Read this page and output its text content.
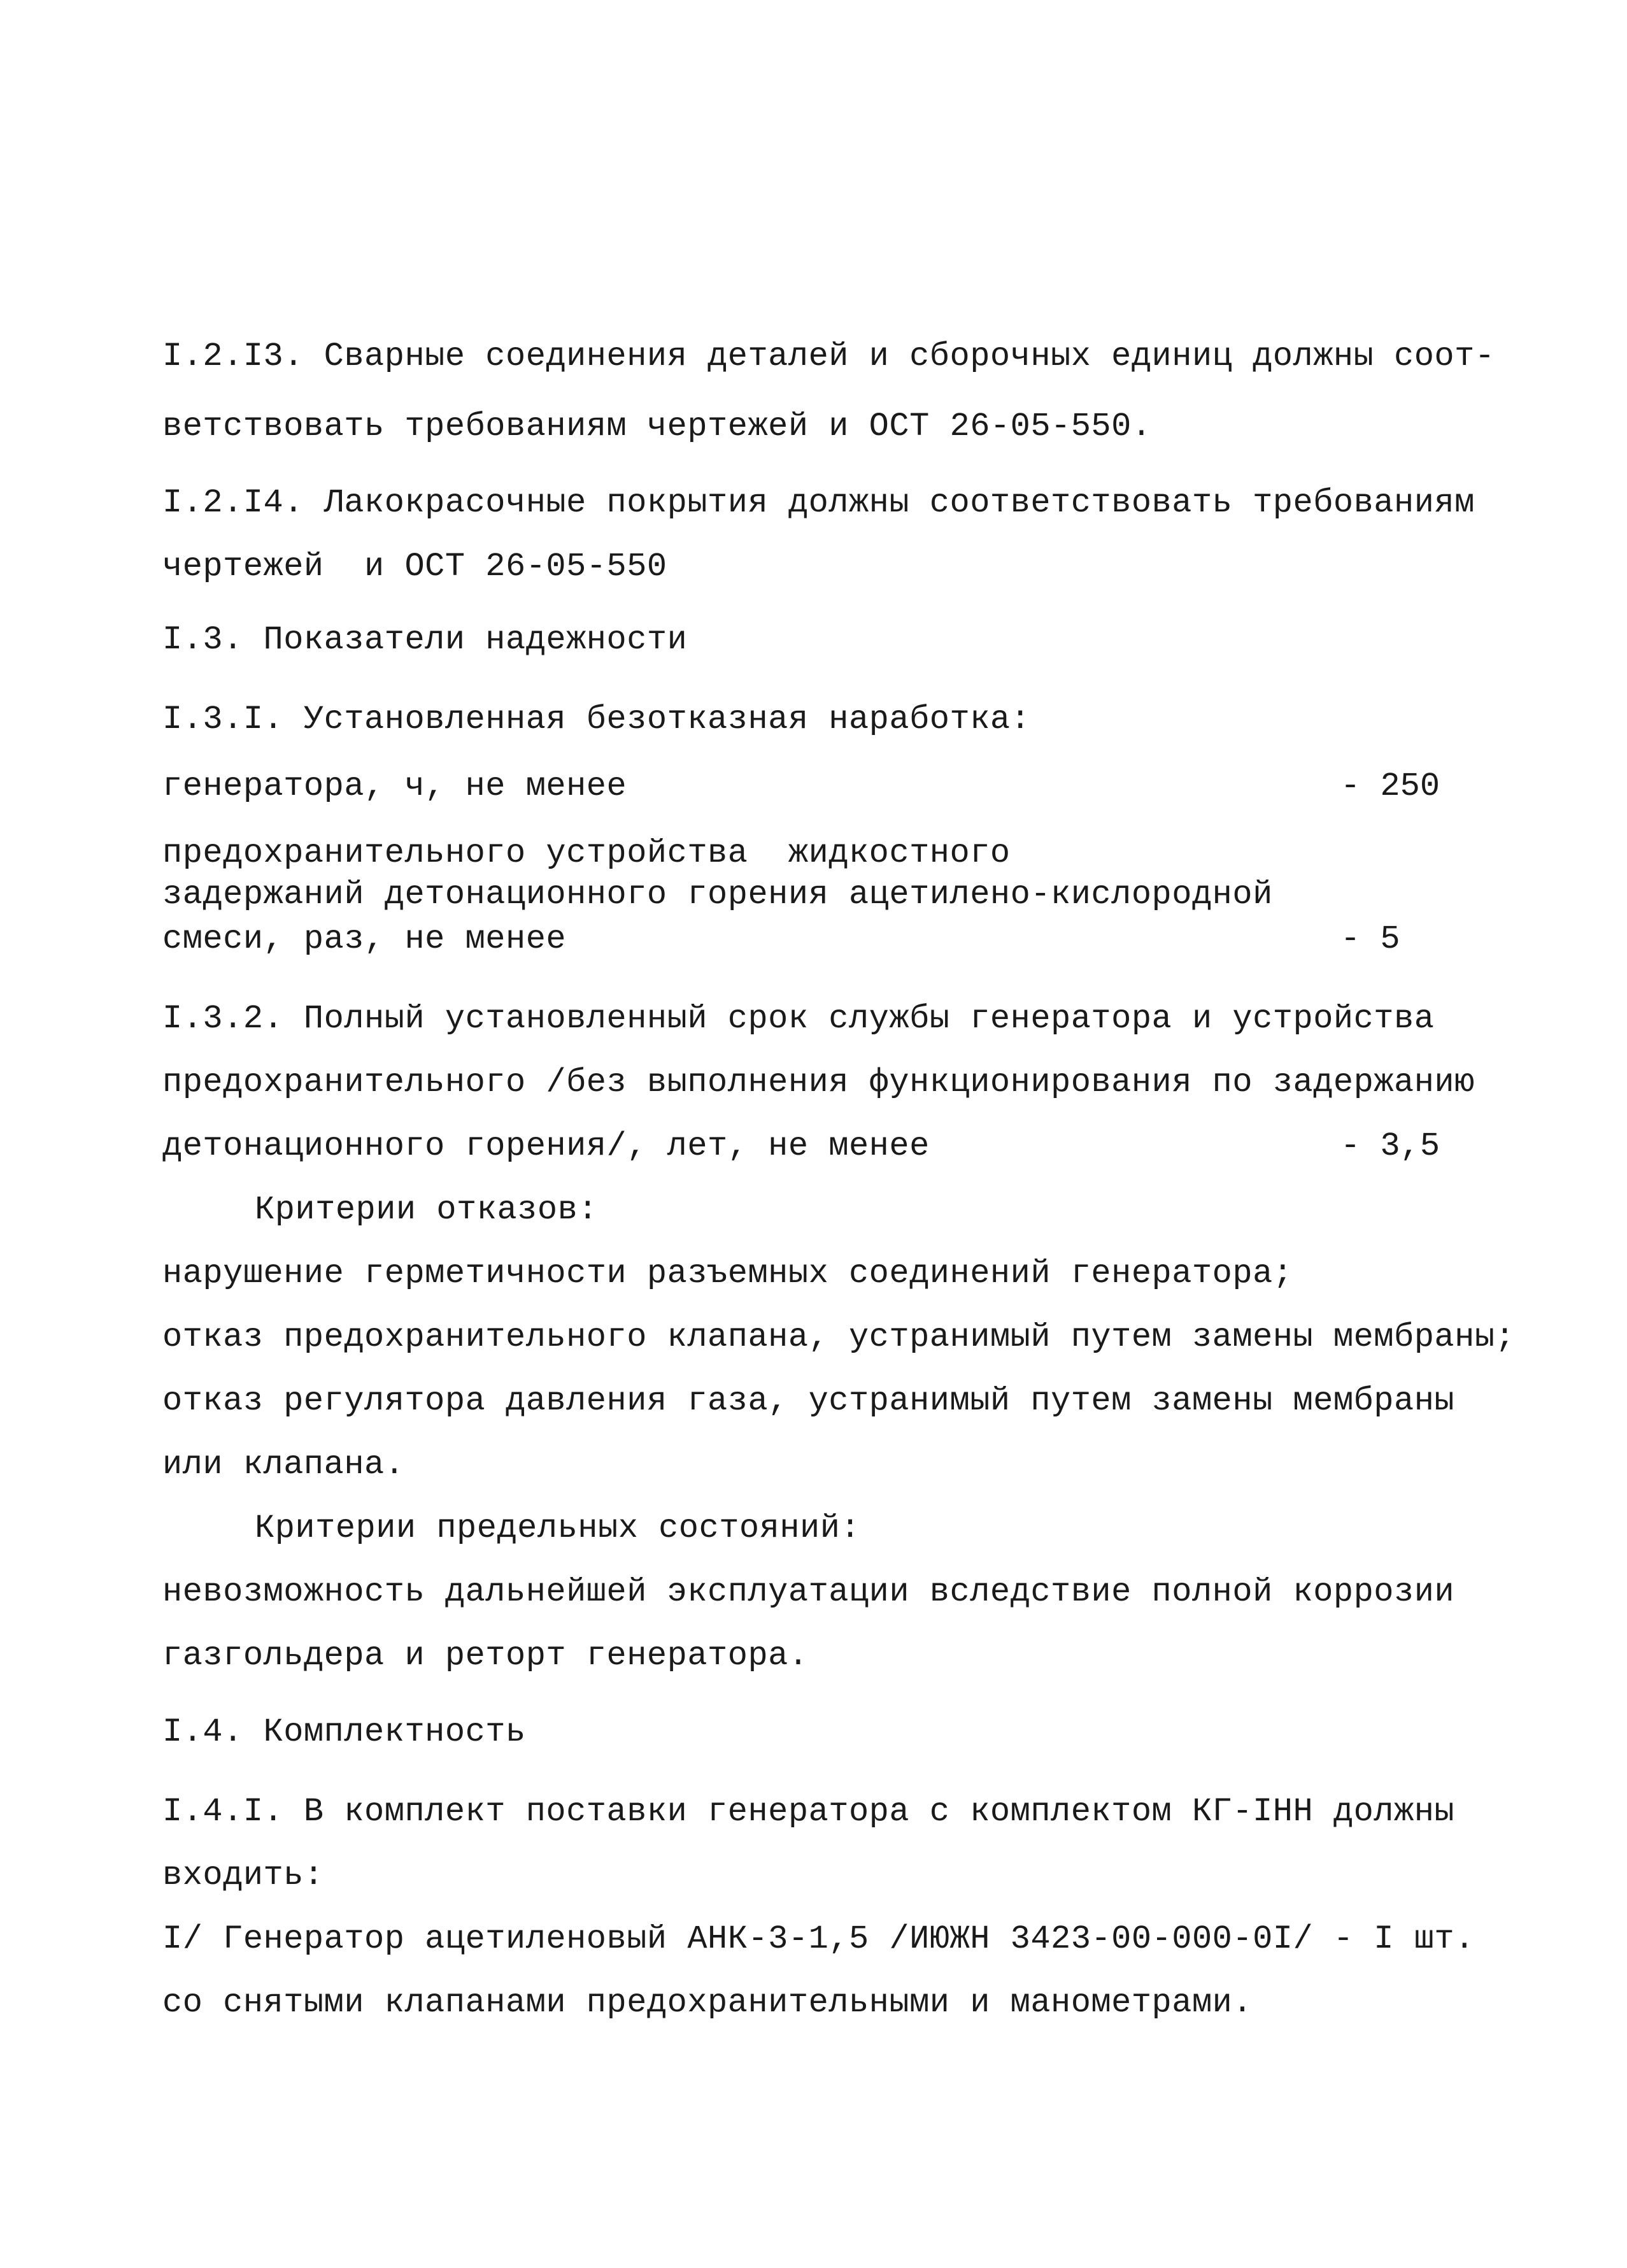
I.2.I3. Сварные соединения деталей и сборочных единиц должны соот-
ветствовать требованиям чертежей и ОСТ 26-05-550.
I.2.I4. Лакокрасочные покрытия должны соответствовать требованиям
чертежей  и ОСТ 26-05-550
I.3. Показатели надежности
I.3.I. Установленная безотказная наработка:
генератора, ч, не менее	- 250
предохранительного устройства  жидкостного
задержаний детонационного горения ацетилено-кислородной
смеси, раз, не менее	- 5
I.3.2. Полный установленный срок службы генератора и устройства
предохранительного /без выполнения функционирования по задержанию
детонационного горения/, лет, не менее	- 3,5
Критерии отказов:
нарушение герметичности разъемных соединений генератора;
отказ предохранительного клапана, устранимый путем замены мембраны;
отказ регулятора давления газа, устранимый путем замены мембраны
или клапана.
Критерии предельных состояний:
невозможность дальнейшей эксплуатации вследствие полной коррозии
газгольдера и реторт генератора.
I.4. Комплектность
I.4.I. В комплект поставки генератора с комплектом КГ-IНН должны
входить:
I/ Генератор ацетиленовый АНК-3-1,5 /ИЮЖН 3423-00-000-0I/ - I шт.
со снятыми клапанами предохранительными и манометрами.
